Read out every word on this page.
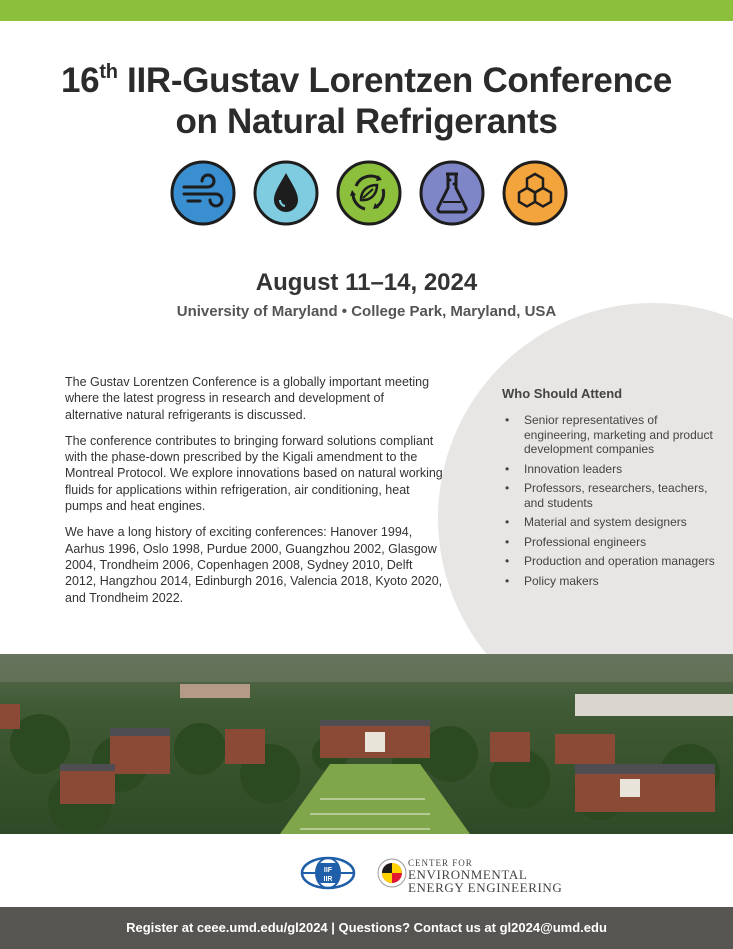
16th IIR-Gustav Lorentzen Conference
on Natural Refrigerants
August 11–14, 2024
University of Maryland • College Park, Maryland, USA

The Gustav Lorentzen Conference is a globally important meeting where the latest progress in research and development of alternative natural refrigerants is discussed.

The conference contributes to bringing forward solutions compliant with the phase-down prescribed by the Kigali amendment to the Montreal Protocol. We explore innovations based on natural working fluids for applications within refrigeration, air conditioning, heat pumps and heat engines.

We have a long history of exciting conferences: Hanover 1994, Aarhus 1996, Oslo 1998, Purdue 2000, Guangzhou 2002, Glasgow 2004, Trondheim 2006, Copenhagen 2008, Sydney 2010, Delft 2012, Hangzhou 2014, Edinburgh 2016, Valencia 2018, Kyoto 2020, and Trondheim 2022.

Who Should Attend
• Senior representatives of engineering, marketing and product development companies
• Innovation leaders
• Professors, researchers, teachers, and students
• Material and system designers
• Professional engineers
• Production and operation managers
• Policy makers
IIF
IIR
CENTER FOR
ENVIRONMENTAL
ENERGY ENGINEERING
Register at ceee.umd.edu/gl2024 | Questions? Contact us at gl2024@umd.edu
